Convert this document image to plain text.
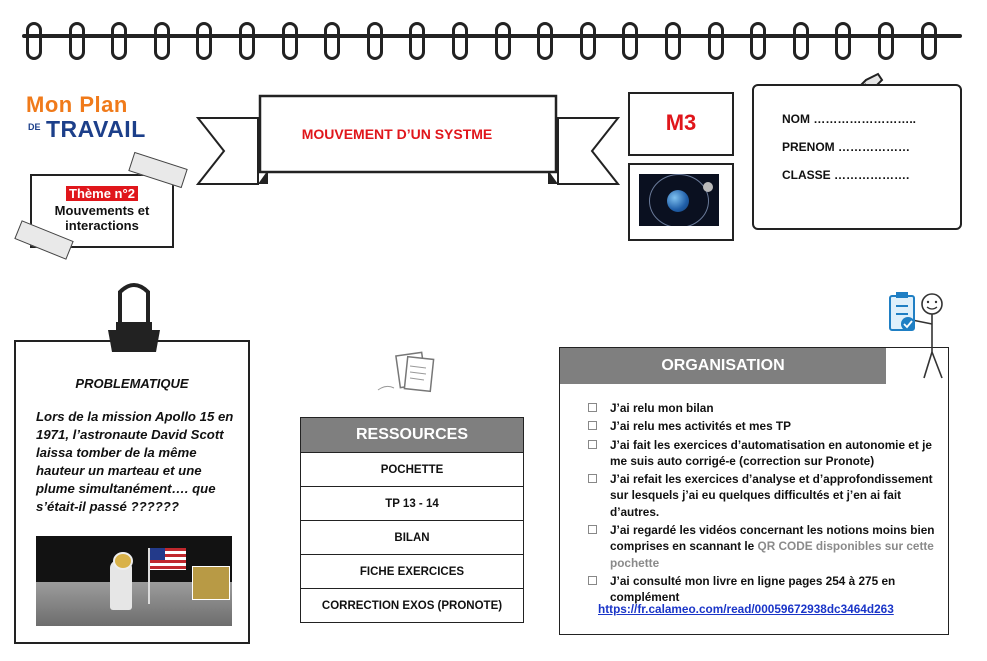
Mon Plan
DE TRAVAIL
Thème n°2
Mouvements et interactions
MOUVEMENT D’UN SYSTME	M3	NOM ……………………..
PRENOM ………………
CLASSE ……………….
PROBLEMATIQUE
Lors de la mission Apollo 15 en 1971, l’astronaute David Scott laissa tomber de la même hauteur un marteau et une plume simultanément…. que s’était-il passé ??????
RESSOURCES
POCHETTE
TP 13 - 14
BILAN
FICHE EXERCICES
CORRECTION EXOS (PRONOTE)
ORGANISATION
J’ai relu mon bilan
J’ai relu mes activités et mes TP
J’ai fait les exercices d’automatisation en autonomie et je me suis auto corrigé-e (correction sur Pronote)
J’ai refait les exercices d’analyse et d’approfondissement sur lesquels j’ai eu quelques difficultés et j’en ai fait d’autres.
J’ai regardé les vidéos concernant les notions moins bien comprises en scannant le QR CODE disponibles sur cette pochette
J’ai consulté mon livre en ligne pages 254 à 275 en complément
https://fr.calameo.com/read/00059672938dc3464d263
